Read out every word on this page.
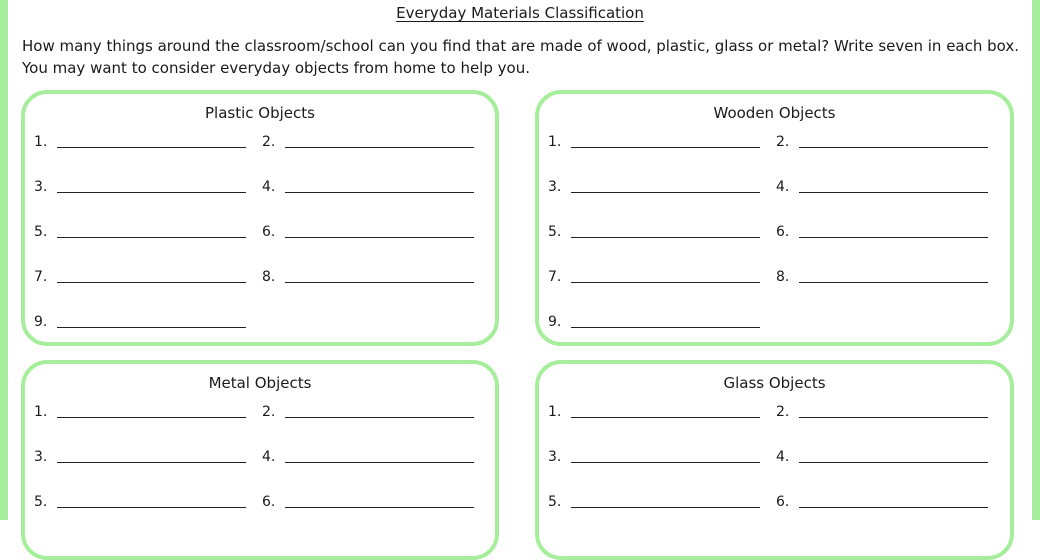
Everyday Materials Classification

How many things around the classroom/school can you find that are made of wood, plastic, glass or metal? Write seven in each box. You may want to consider everyday objects from home to help you.

Plastic Objects
1.	2.
3.	4.
5.	6.
7.	8.
9.
Wooden Objects
1.	2.
3.	4.
5.	6.
7.	8.
9.
Metal Objects
1.	2.
3.	4.
5.	6.
Glass Objects
1.	2.
3.	4.
5.	6.
